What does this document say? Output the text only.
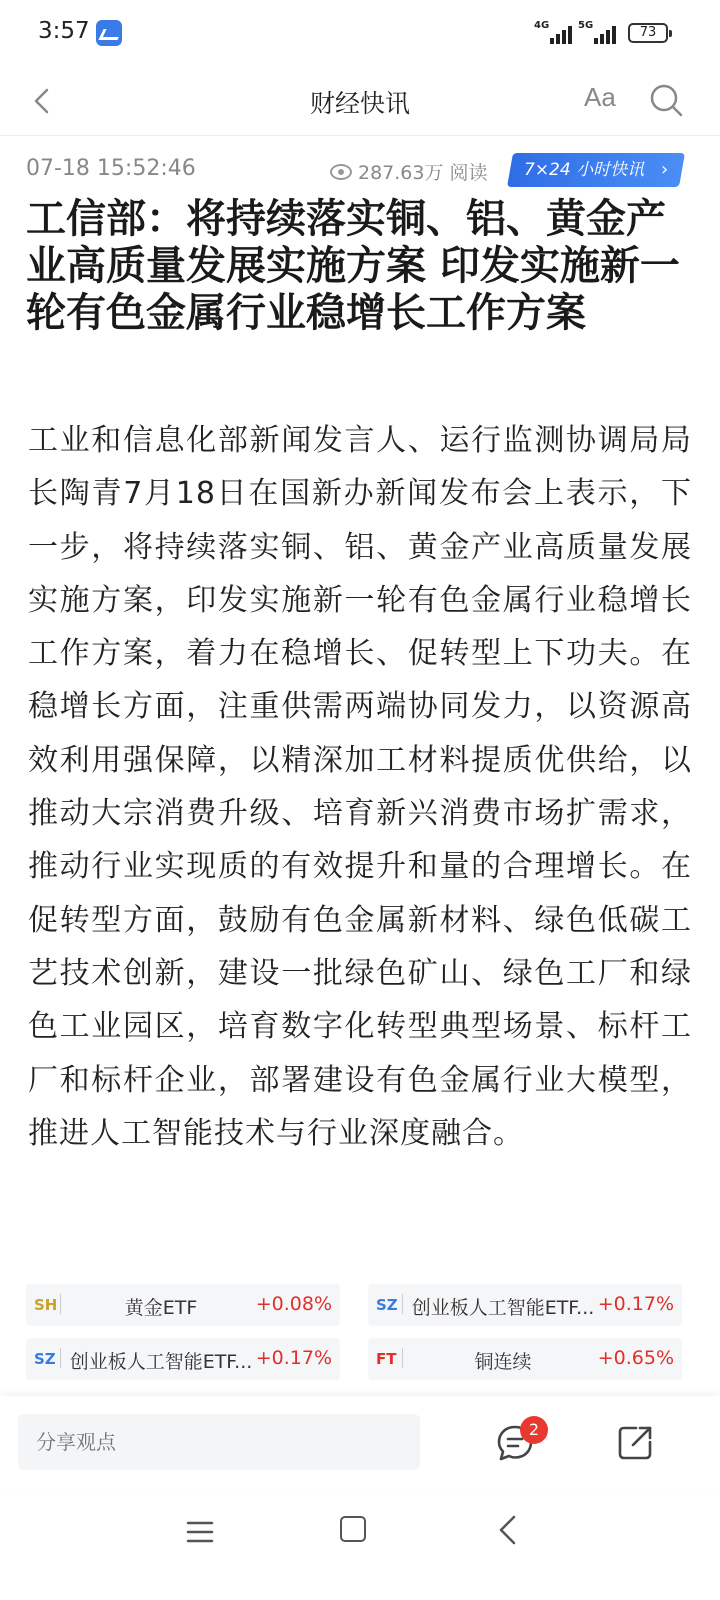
3:57	4G	5G	73
财经快讯	Aa
07-18 15:52:46	287.63万 阅读	7×24 小时快讯 ›
工信部：将持续落实铜、铝、黄金产业高质量发展实施方案 印发实施新一轮有色金属行业稳增长工作方案
工业和信息化部新闻发言人、运行监测协调局局长陶青7月18日在国新办新闻发布会上表示，下一步，将持续落实铜、铝、黄金产业高质量发展实施方案，印发实施新一轮有色金属行业稳增长工作方案，着力在稳增长、促转型上下功夫。在稳增长方面，注重供需两端协同发力，以资源高效利用强保障，以精深加工材料提质优供给，以推动大宗消费升级、培育新兴消费市场扩需求，推动行业实现质的有效提升和量的合理增长。在促转型方面，鼓励有色金属新材料、绿色低碳工艺技术创新，建设一批绿色矿山、绿色工厂和绿色工业园区，培育数字化转型典型场景、标杆工厂和标杆企业，部署建设有色金属行业大模型，推进人工智能技术与行业深度融合。
SH	黄金ETF	+0.08%	SZ 创业板人工智能ETF... +0.17%
SZ 创业板人工智能ETF... +0.17%	FT	铜连续	+0.65%
分享观点
2
